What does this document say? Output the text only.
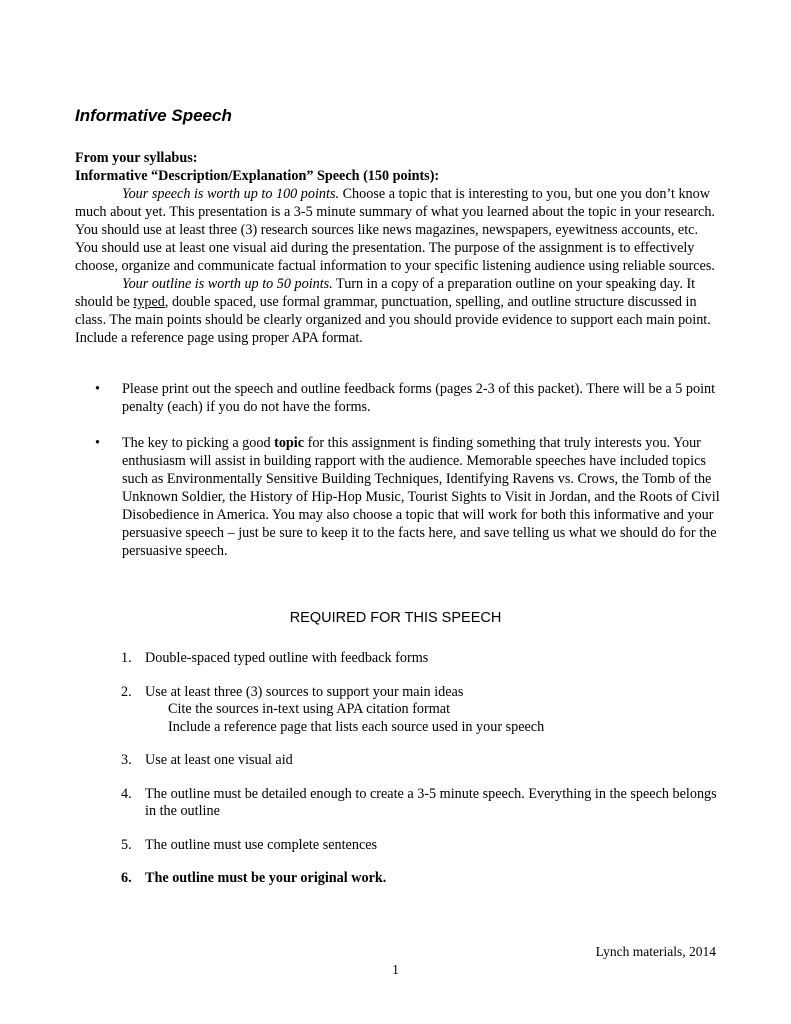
Informative Speech

From your syllabus:

Informative “Description/Explanation” Speech (150 points):

Your speech is worth up to 100 points. Choose a topic that is interesting to you, but one you don’t know much about yet. This presentation is a 3-5 minute summary of what you learned about the topic in your research. You should use at least three (3) research sources like news magazines, newspapers, eyewitness accounts, etc. You should use at least one visual aid during the presentation. The purpose of the assignment is to effectively choose, organize and communicate factual information to your specific listening audience using reliable sources.

Your outline is worth up to 50 points. Turn in a copy of a preparation outline on your speaking day. It should be typed, double spaced, use formal grammar, punctuation, spelling, and outline structure discussed in class. The main points should be clearly organized and you should provide evidence to support each main point. Include a reference page using proper APA format.

• Please print out the speech and outline feedback forms (pages 2-3 of this packet). There will be a 5 point penalty (each) if you do not have the forms.
• The key to picking a good topic for this assignment is finding something that truly interests you. Your enthusiasm will assist in building rapport with the audience. Memorable speeches have included topics such as Environmentally Sensitive Building Techniques, Identifying Ravens vs. Crows, the Tomb of the Unknown Soldier, the History of Hip-Hop Music, Tourist Sights to Visit in Jordan, and the Roots of Civil Disobedience in America. You may also choose a topic that will work for both this informative and your persuasive speech – just be sure to keep it to the facts here, and save telling us what we should do for the persuasive speech.
REQUIRED FOR THIS SPEECH
1. Double-spaced typed outline with feedback forms
2. Use at least three (3) sources to support your main ideas
Cite the sources in-text using APA citation format
Include a reference page that lists each source used in your speech
3. Use at least one visual aid
4. The outline must be detailed enough to create a 3-5 minute speech. Everything in the speech belongs in the outline
5. The outline must use complete sentences
6. The outline must be your original work.
Lynch materials, 2014
1
